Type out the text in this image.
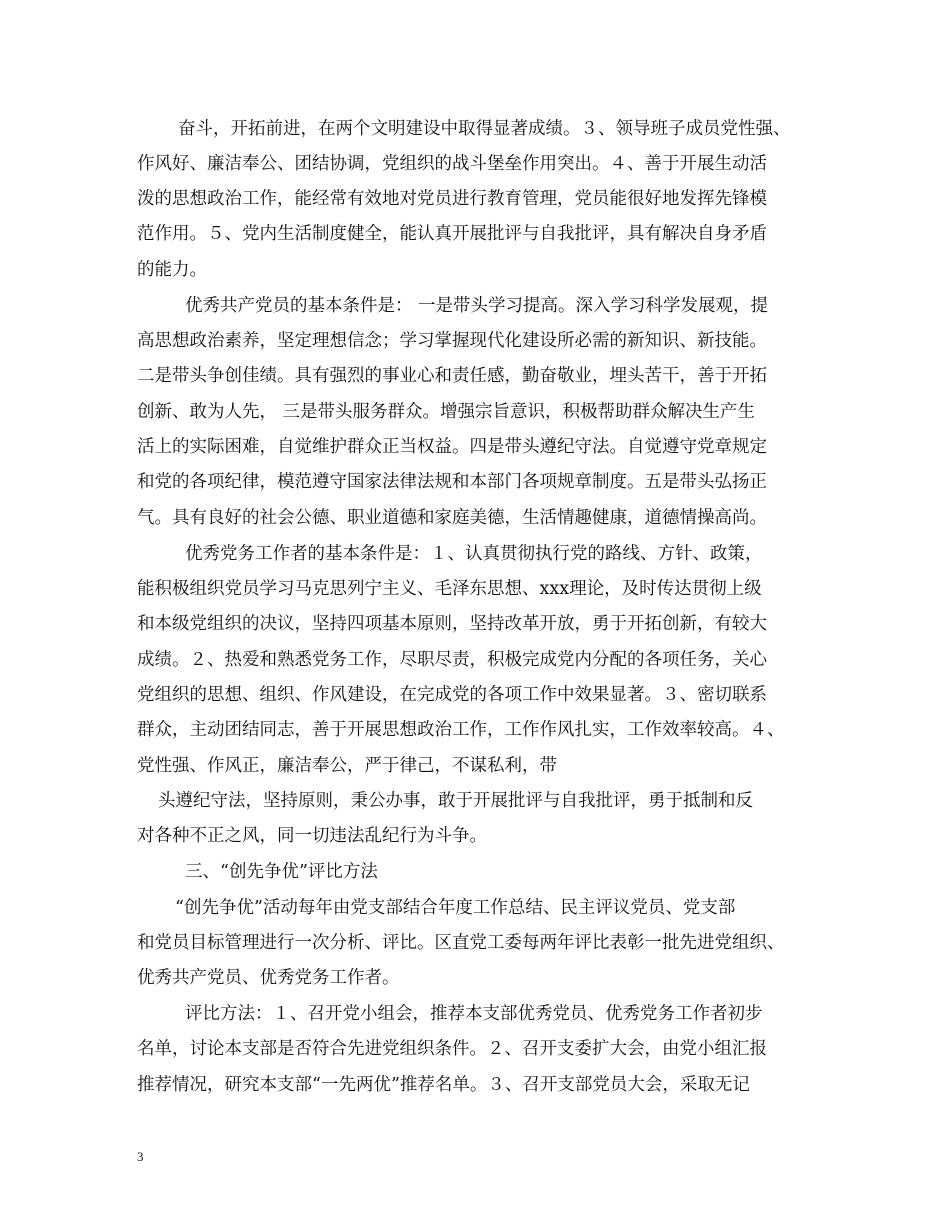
奋斗，开拓前进，在两个文明建设中取得显著成绩。３、领导班子成员党性强、
作风好、廉洁奉公、团结协调，党组织的战斗堡垒作用突出。４、善于开展生动活
泼的思想政治工作，能经常有效地对党员进行教育管理，党员能很好地发挥先锋模
范作用。５、党内生活制度健全，能认真开展批评与自我批评，具有解决自身矛盾
的能力。
优秀共产党员的基本条件是： 一是带头学习提高。深入学习科学发展观，提
高思想政治素养，坚定理想信念；学习掌握现代化建设所必需的新知识、新技能。
二是带头争创佳绩。具有强烈的事业心和责任感，勤奋敬业，埋头苦干，善于开拓
创新、敢为人先， 三是带头服务群众。增强宗旨意识，积极帮助群众解决生产生
活上的实际困难，自觉维护群众正当权益。四是带头遵纪守法。自觉遵守党章规定
和党的各项纪律，模范遵守国家法律法规和本部门各项规章制度。五是带头弘扬正
气。具有良好的社会公德、职业道德和家庭美德，生活情趣健康，道德情操高尚。
优秀党务工作者的基本条件是：１、认真贯彻执行党的路线、方针、政策，
能积极组织党员学习马克思列宁主义、毛泽东思想、xxx理论，及时传达贯彻上级
和本级党组织的决议，坚持四项基本原则，坚持改革开放，勇于开拓创新，有较大
成绩。２、热爱和熟悉党务工作，尽职尽责，积极完成党内分配的各项任务，关心
党组织的思想、组织、作风建设，在完成党的各项工作中效果显著。３、密切联系
群众，主动团结同志，善于开展思想政治工作，工作作风扎实，工作效率较高。４、
党性强、作风正，廉洁奉公，严于律己，不谋私利，带
头遵纪守法，坚持原则，秉公办事，敢于开展批评与自我批评，勇于抵制和反
对各种不正之风，同一切违法乱纪行为斗争。
三、“创先争优”评比方法
“创先争优”活动每年由党支部结合年度工作总结、民主评议党员、党支部
和党员目标管理进行一次分析、评比。区直党工委每两年评比表彰一批先进党组织、
优秀共产党员、优秀党务工作者。
评比方法：１、召开党小组会，推荐本支部优秀党员、优秀党务工作者初步
名单，讨论本支部是否符合先进党组织条件。２、召开支委扩大会，由党小组汇报
推荐情况，研究本支部“一先两优”推荐名单。３、召开支部党员大会，采取无记
3
